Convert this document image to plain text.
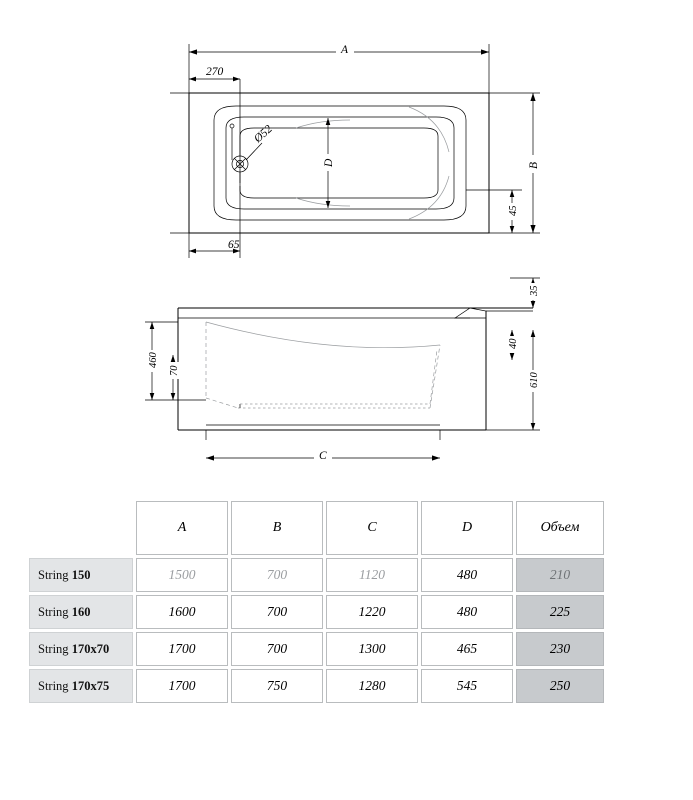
Ø52
A
270
B
45
D
65
35
40
610
460
70
C
	A	B	C	D	Объем
String 150	1500	700	1120	480	210
String 160	1600	700	1220	480	225
String 170x70	1700	700	1300	465	230
String 170x75	1700	750	1280	545	250
